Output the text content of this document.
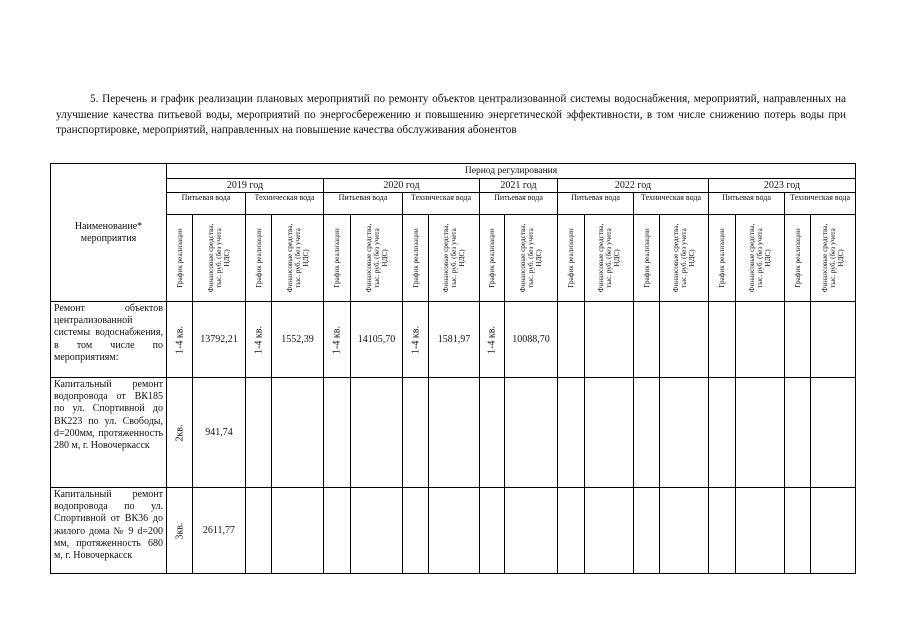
5. Перечень и график реализации плановых мероприятий по ремонту объектов централизованной системы водоснабжения, мероприятий, направленных на улучшение качества питьевой воды, мероприятий по энергосбережению и повышению энергетической эффективности, в том числе снижению потерь воды при транспортировке, мероприятий, направленных на повышение качества обслуживания абонентов
Наименование* мероприятия	Период регулирования																	
	2019 год				2020 год				2021 год		2022 год				2023 год			
	Питьевая вода		Техническая вода		Питьевая вода		Техническая вода		Питьевая вода		Питьевая вода		Техническая вода		Питьевая вода		Техническая вода	

	График реализации	Финансовые средства, тыс. руб. (без учета НДС)	График реализации	Финансовые средства, тыс. руб. (без учета НДС)	График реализации	Финансовые средства, тыс. руб. (без учета НДС)	График реализации	Финансовые средства, тыс. руб. (без учета НДС)	График реализации	Финансовые средства, тыс. руб. (без учета НДС)	График реализации	Финансовые средства, тыс. руб. (без учета НДС)	График реализации	Финансовые средства, тыс. руб. (без учета НДС)	График реализации	Финансовые средства, тыс. руб. (без учета НДС)	График реализации	Финансовые средства, тыс. руб. (без учета НДС)

Ремонт объектов централизованной системы водоснабжения, в том числе по мероприятиям:	1-4 кв.	13792,21	1-4 кв.	1552,39	1-4 кв.	14105,70	1-4 кв.	1581,97	1-4 кв.	10088,70								
Капитальный ремонт водопровода от ВК185 по ул. Спортивной до ВК223 по ул. Свободы, d=200мм, протяженность 280 м, г. Новочеркасск	2кв.	941,74																
Капитальный ремонт водопровода по ул. Спортивной от ВК36 до жилого дома № 9 d=200 мм, протяженность 680 м, г. Новочеркасск	3кв.	2611,77																
